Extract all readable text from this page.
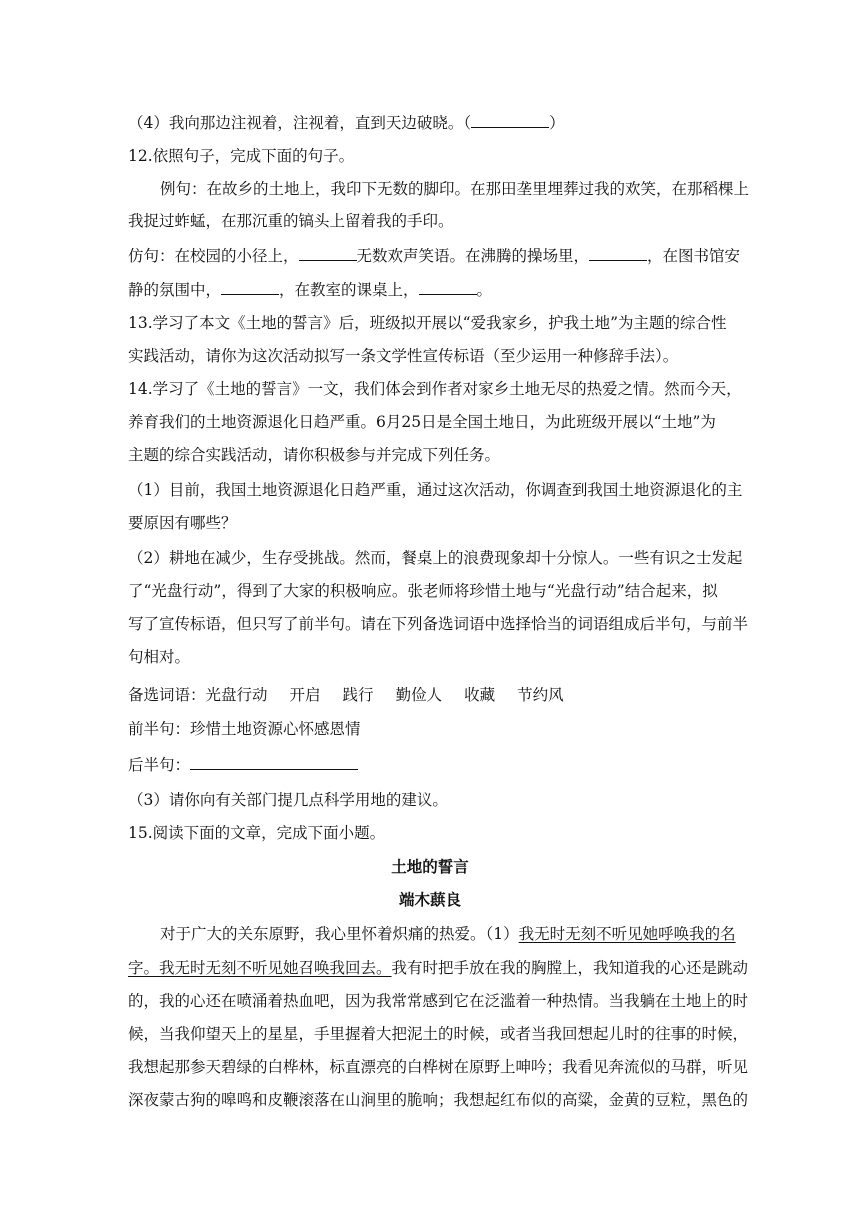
（4）我向那边注视着，注视着，直到天边破晓。（	）
12.依照句子，完成下面的句子。
例句：在故乡的土地上，我印下无数的脚印。在那田垄里埋葬过我的欢笑，在那稻棵上
我捉过蚱蜢，在那沉重的镐头上留着我的手印。
仿句：在校园的小径上，	无数欢声笑语。在沸腾的操场里，	，在图书馆安
静的氛围中，	，在教室的课桌上，	。
13.学习了本文《土地的誓言》后，班级拟开展以“爱我家乡，护我土地”为主题的综合性
实践活动，请你为这次活动拟写一条文学性宣传标语（至少运用一种修辞手法）。
14.学习了《土地的誓言》一文，我们体会到作者对家乡土地无尽的热爱之情。然而今天，
养育我们的土地资源退化日趋严重。6月25日是全国土地日，为此班级开展以“土地”为
主题的综合实践活动，请你积极参与并完成下列任务。
（1）目前，我国土地资源退化日趋严重，通过这次活动，你调查到我国土地资源退化的主
要原因有哪些？
（2）耕地在减少，生存受挑战。然而，餐桌上的浪费现象却十分惊人。一些有识之士发起
了“光盘行动”，得到了大家的积极响应。张老师将珍惜土地与“光盘行动”结合起来，拟
写了宣传标语，但只写了前半句。请在下列备选词语中选择恰当的词语组成后半句，与前半
句相对。
备选词语：光盘行动 开启 践行 勤俭人 收藏 节约风
前半句：珍惜土地资源心怀感恩情
后半句：
（3）请你向有关部门提几点科学用地的建议。
15.阅读下面的文章，完成下面小题。
土地的誓言
端木蕻良
对于广大的关东原野，我心里怀着炽痛的热爱。（1）我无时无刻不听见她呼唤我的名
字。我无时无刻不听见她召唤我回去。我有时把手放在我的胸膛上，我知道我的心还是跳动
的，我的心还在喷涌着热血吧，因为我常常感到它在泛滥着一种热情。当我躺在土地上的时
候，当我仰望天上的星星，手里握着大把泥土的时候，或者当我回想起儿时的往事的时候，
我想起那参天碧绿的白桦林，标直漂亮的白桦树在原野上呻吟；我看见奔流似的马群，听见
深夜蒙古狗的嗥鸣和皮鞭滚落在山涧里的脆响；我想起红布似的高粱，金黄的豆粒，黑色的
